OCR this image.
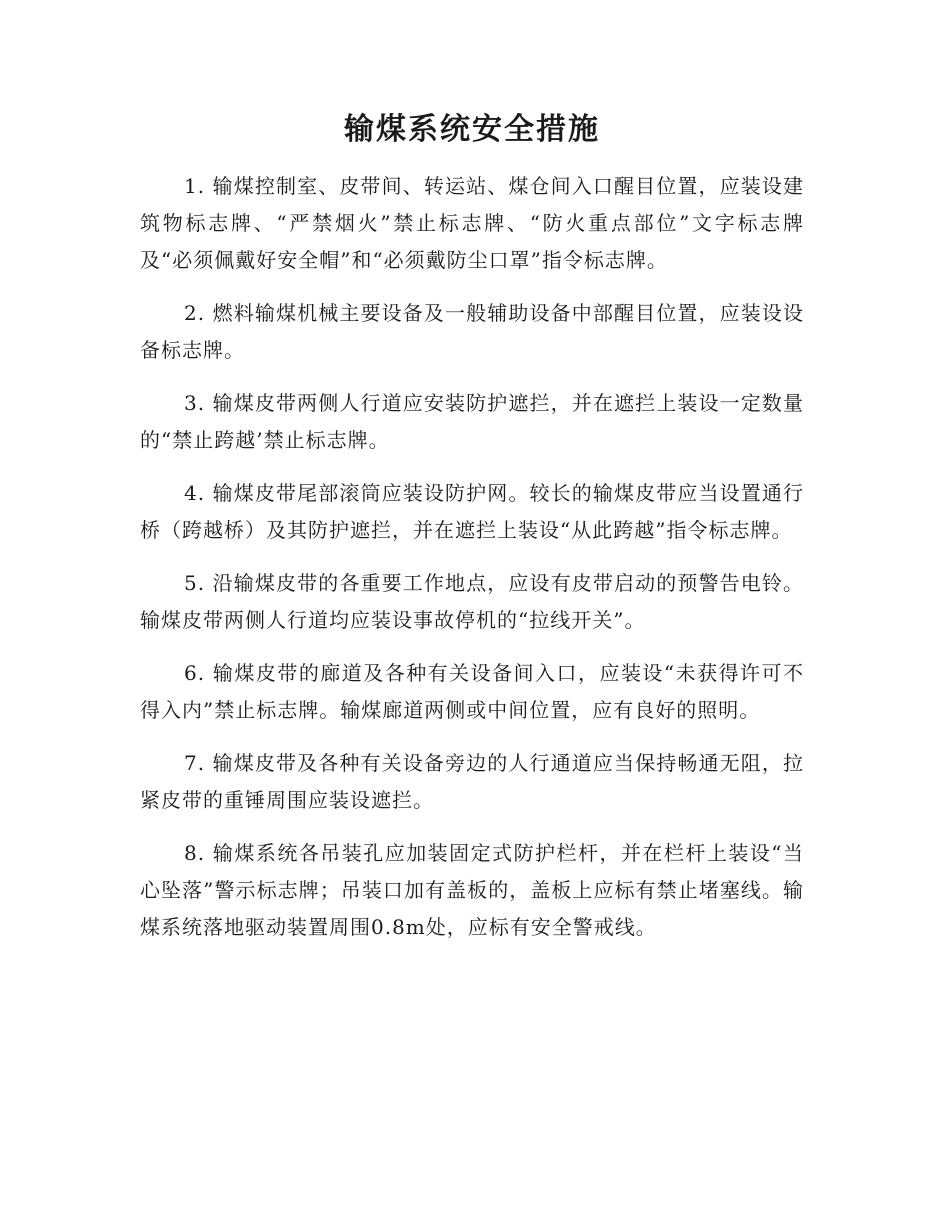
输煤系统安全措施

1. 输煤控制室、皮带间、转运站、煤仓间入口醒目位置，应装设建筑物标志牌、“严禁烟火”禁止标志牌、“防火重点部位”文字标志牌及“必须佩戴好安全帽”和“必须戴防尘口罩”指令标志牌。

2. 燃料输煤机械主要设备及一般辅助设备中部醒目位置，应装设设备标志牌。

3. 输煤皮带两侧人行道应安装防护遮拦，并在遮拦上装设一定数量的“禁止跨越’禁止标志牌。

4. 输煤皮带尾部滚筒应装设防护网。较长的输煤皮带应当设置通行桥（跨越桥）及其防护遮拦，并在遮拦上装设“从此跨越”指令标志牌。

5. 沿输煤皮带的各重要工作地点，应设有皮带启动的预警告电铃。输煤皮带两侧人行道均应装设事故停机的“拉线开关”。

6. 输煤皮带的廊道及各种有关设备间入口，应装设“未获得许可不得入内”禁止标志牌。输煤廊道两侧或中间位置，应有良好的照明。

7. 输煤皮带及各种有关设备旁边的人行通道应当保持畅通无阻，拉紧皮带的重锤周围应装设遮拦。

8. 输煤系统各吊装孔应加装固定式防护栏杆，并在栏杆上装设“当心坠落”警示标志牌；吊装口加有盖板的，盖板上应标有禁止堵塞线。输煤系统落地驱动装置周围0.8m处，应标有安全警戒线。
